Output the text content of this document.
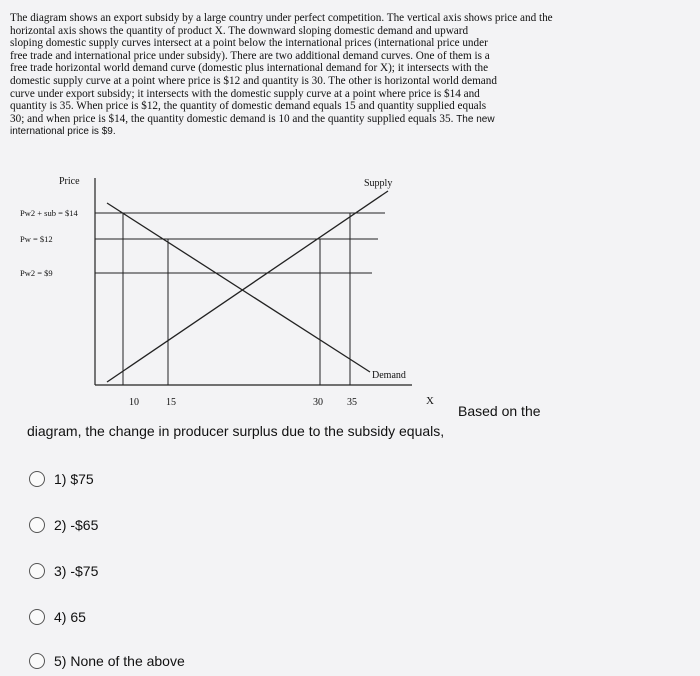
The diagram shows an export subsidy by a large country under perfect competition. The vertical axis shows price and the
horizontal axis shows the quantity of product X. The downward sloping domestic demand and upward
sloping domestic supply curves intersect at a point below the international prices (international price under
free trade and international price under subsidy). There are two additional demand curves. One of them is a
free trade horizontal world demand curve (domestic plus international demand for X); it intersects with the
domestic supply curve at a point where price is $12 and quantity is 30. The other is horizontal world demand
curve under export subsidy; it intersects with the domestic supply curve at a point where price is $14 and
quantity is 35. When price is $12, the quantity of domestic demand equals 15 and quantity supplied equals
30; and when price is $14, the quantity domestic demand is 10 and the quantity supplied equals 35. The new
international price is $9.
Price	Supply
Demand
X
Pw2 + sub = $14
Pw = $12
Pw2 = $9
10	15	30 35
Based on the
diagram, the change in producer surplus due to the subsidy equals,
1) $75
2) -$65
3) -$75
4) 65
5) None of the above
